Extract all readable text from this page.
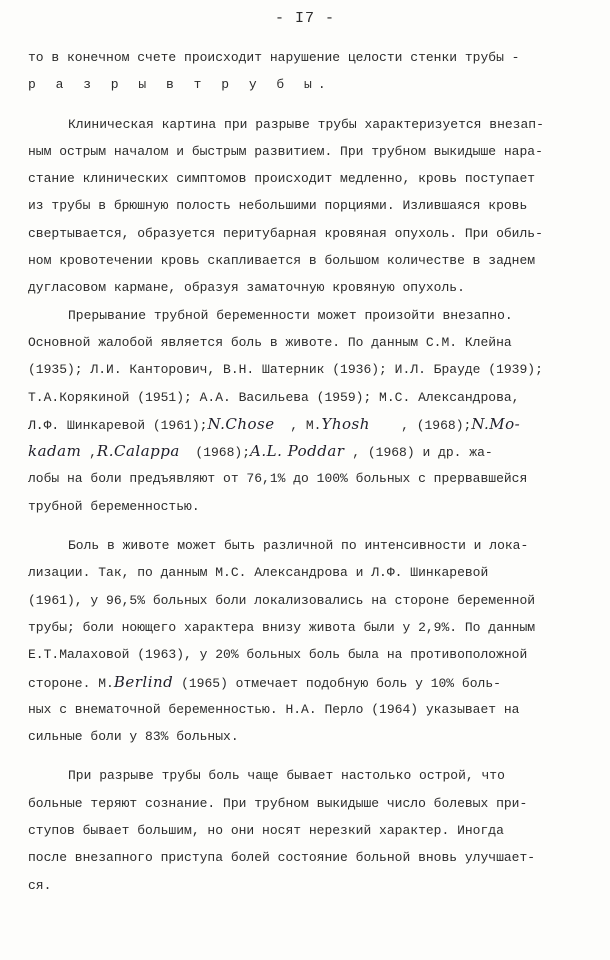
- I7 -
то в конечном счете происходит нарушение целости стенки трубы -
р а з р ы в т р у б ы.
Клиническая картина при разрыве трубы характеризуется внезап-
ным острым началом и быстрым развитием. При трубном выкидыше нара-
стание клинических симптомов происходит медленно, кровь поступает
из трубы в брюшную полость небольшими порциями. Излившаяся кровь
свертывается, образуется перитубарная кровяная опухоль. При обиль-
ном кровотечении кровь скапливается в большом количестве в заднем
дугласовом кармане, образуя заматочную кровяную опухоль.
Прерывание трубной беременности может произойти внезапно.
Основной жалобой является боль в животе. По данным С.М. Клейна
(1935); Л.И. Канторович, В.Н. Шатерник (1936); И.Л. Брауде (1939);
Т.А.Корякиной (1951); А.А. Васильева (1959); М.С. Александрова,
Л.Ф. Шинкаревой (1961);N.Chose  , М.Yhosh    , (1968);N.Mo-
kadam ,R.Calappa  (1968);A.L. Poddar , (1968) и др. жа-
лобы на боли предъявляют от 76,1% до 100% больных с прервавшейся
трубной беременностью.
Боль в животе может быть различной по интенсивности и лока-
лизации. Так, по данным М.С. Александрова и Л.Ф. Шинкаревой
(1961), у 96,5% больных боли локализовались на стороне беременной
трубы; боли ноющего характера внизу живота были у 2,9%. По данным
Е.Т.Малаховой (1963), у 20% больных боль была на противоположной
стороне. М.Berlind (1965) отмечает подобную боль у 10% боль-
ных с внематочной беременностью. Н.А. Перло (1964) указывает на
сильные боли у 83% больных.
При разрыве трубы боль чаще бывает настолько острой, что
больные теряют сознание. При трубном выкидыше число болевых при-
ступов бывает большим, но они носят нерезкий характер. Иногда
после внезапного приступа болей состояние больной вновь улучшает-
ся.
